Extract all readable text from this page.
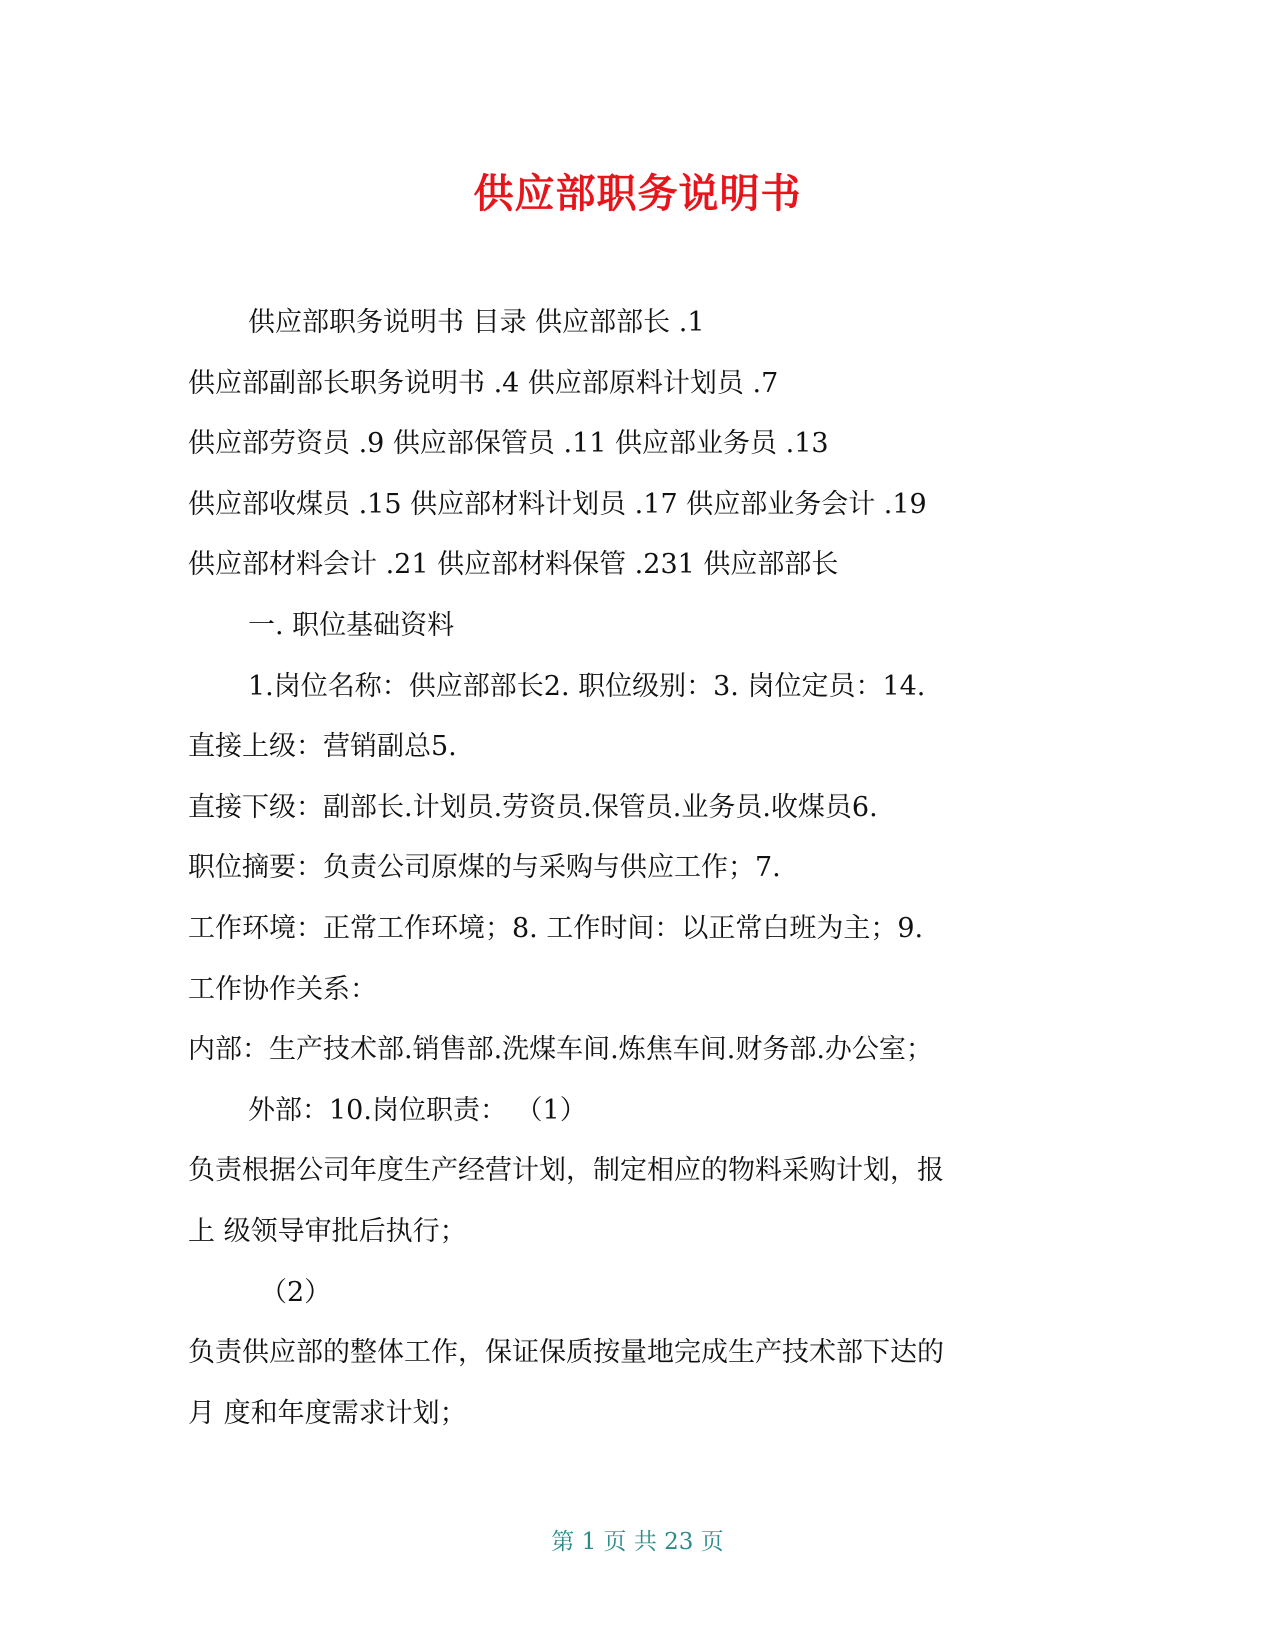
供应部职务说明书
供应部职务说明书 目录 供应部部长 .1
供应部副部长职务说明书 .4 供应部原料计划员 .7
供应部劳资员 .9 供应部保管员 .11 供应部业务员 .13
供应部收煤员 .15 供应部材料计划员 .17 供应部业务会计 .19
供应部材料会计 .21 供应部材料保管 .231 供应部部长
一. 职位基础资料
1.岗位名称：供应部部长2. 职位级别：3. 岗位定员：14.
直接上级：营销副总5.
直接下级：副部长.计划员.劳资员.保管员.业务员.收煤员6.
职位摘要：负责公司原煤的与采购与供应工作；7.
工作环境：正常工作环境；8. 工作时间：以正常白班为主；9.
工作协作关系：
内部：生产技术部.销售部.洗煤车间.炼焦车间.财务部.办公室；
外部：10.岗位职责： （1）
负责根据公司年度生产经营计划，制定相应的物料采购计划，报
上 级领导审批后执行；
（2）
负责供应部的整体工作，保证保质按量地完成生产技术部下达的
月 度和年度需求计划；
第 1 页 共 23 页
